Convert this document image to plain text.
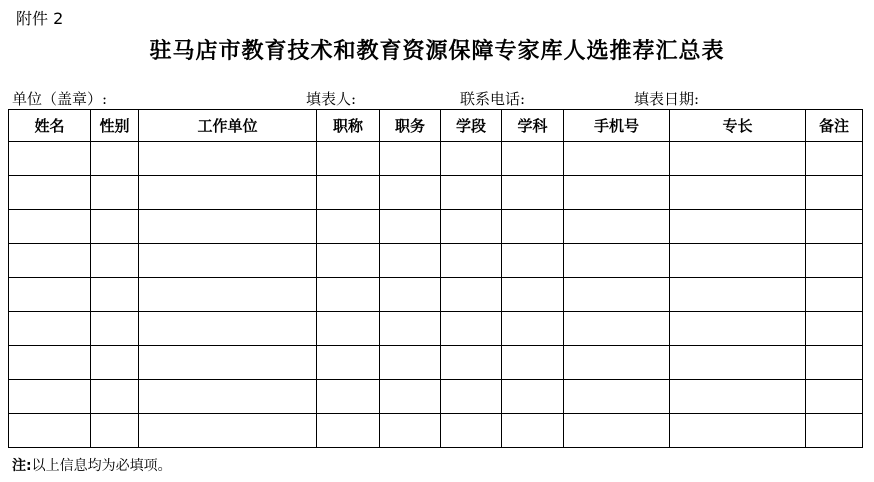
附件 2
驻马店市教育技术和教育资源保障专家库人选推荐汇总表
单位（盖章）:	填表人:	联系电话:	填表日期:
姓名	性别	工作单位	职称	职务	学段	学科	手机号	专长	备注

注:以上信息均为必填项。
